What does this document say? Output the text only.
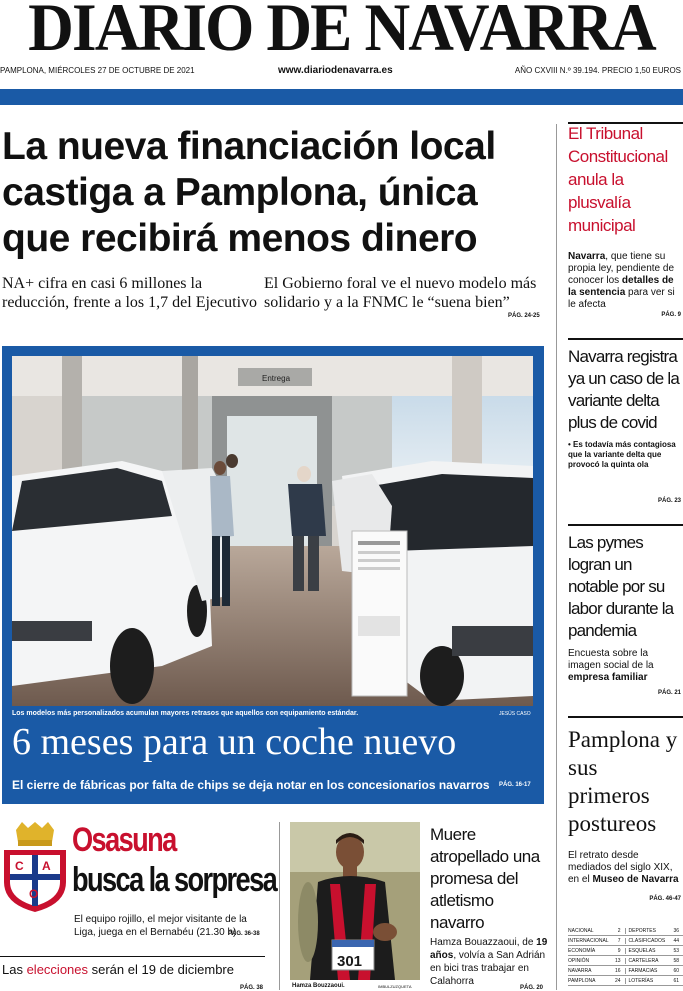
DIARIO DE NAVARRA
PAMPLONA, MIÉRCOLES 27 DE OCTUBRE DE 2021	www.diariodenavarra.es	AÑO CXVIII N.º 39.194. PRECIO 1,50 EUROS
La nueva financiación local castiga a Pamplona, única que recibirá menos dinero
NA+ cifra en casi 6 millones la reducción, frente a los 1,7 del Ejecutivo
El Gobierno foral ve el nuevo modelo más solidario y a la FNMC le “suena bien”
PÁG. 24-25
Entrega
Los modelos más personalizados acumulan mayores retrasos que aquellos con equipamiento estándar.	JESÚS CASO
6 meses para un coche nuevo
El cierre de fábricas por falta de chips se deja notar en los concesionarios navarros PÁG. 16-17
C A
O
Osasuna
busca la sorpresa
El equipo rojillo, el mejor visitante de la Liga, juega en el Bernabéu (21.30 h)
PÁG. 36-38
Las elecciones serán el 19 de diciembre
PÁG. 38
301
Hamza Bouzzaoui.	IMBULZUZQUETA
Muere atropellado una promesa del atletismo navarro
Hamza Bouazzaoui, de 19 años, volvía a San Adrián en bici tras trabajar en Calahorra
PÁG. 20
El Tribunal Constitucional anula la plusvalía municipal
Navarra, que tiene su propia ley, pendiente de conocer los detalles de la sentencia para ver si le afecta
PÁG. 9
Navarra registra ya un caso de la variante delta plus de covid
• Es todavía más contagiosa que la variante delta que provocó la quinta ola
PÁG. 23
Las pymes logran un notable por su labor durante la pandemia
Encuesta sobre la imagen social de la empresa familiar
PÁG. 21
Pamplona y sus primeros postureos
El retrato desde mediados del siglo XIX, en el Museo de Navarra
PÁG. 46-47
NACIONAL	2 DEPORTES	36
INTERNACIONAL 7 CLASIFICADOS 44
ECONOMÍA	9 ESQUELAS	53
OPINIÓN	13 CARTELERA	58
NAVARRA	16 FARMACIAS	60
PAMPLONA	24 LOTERÍAS	61
